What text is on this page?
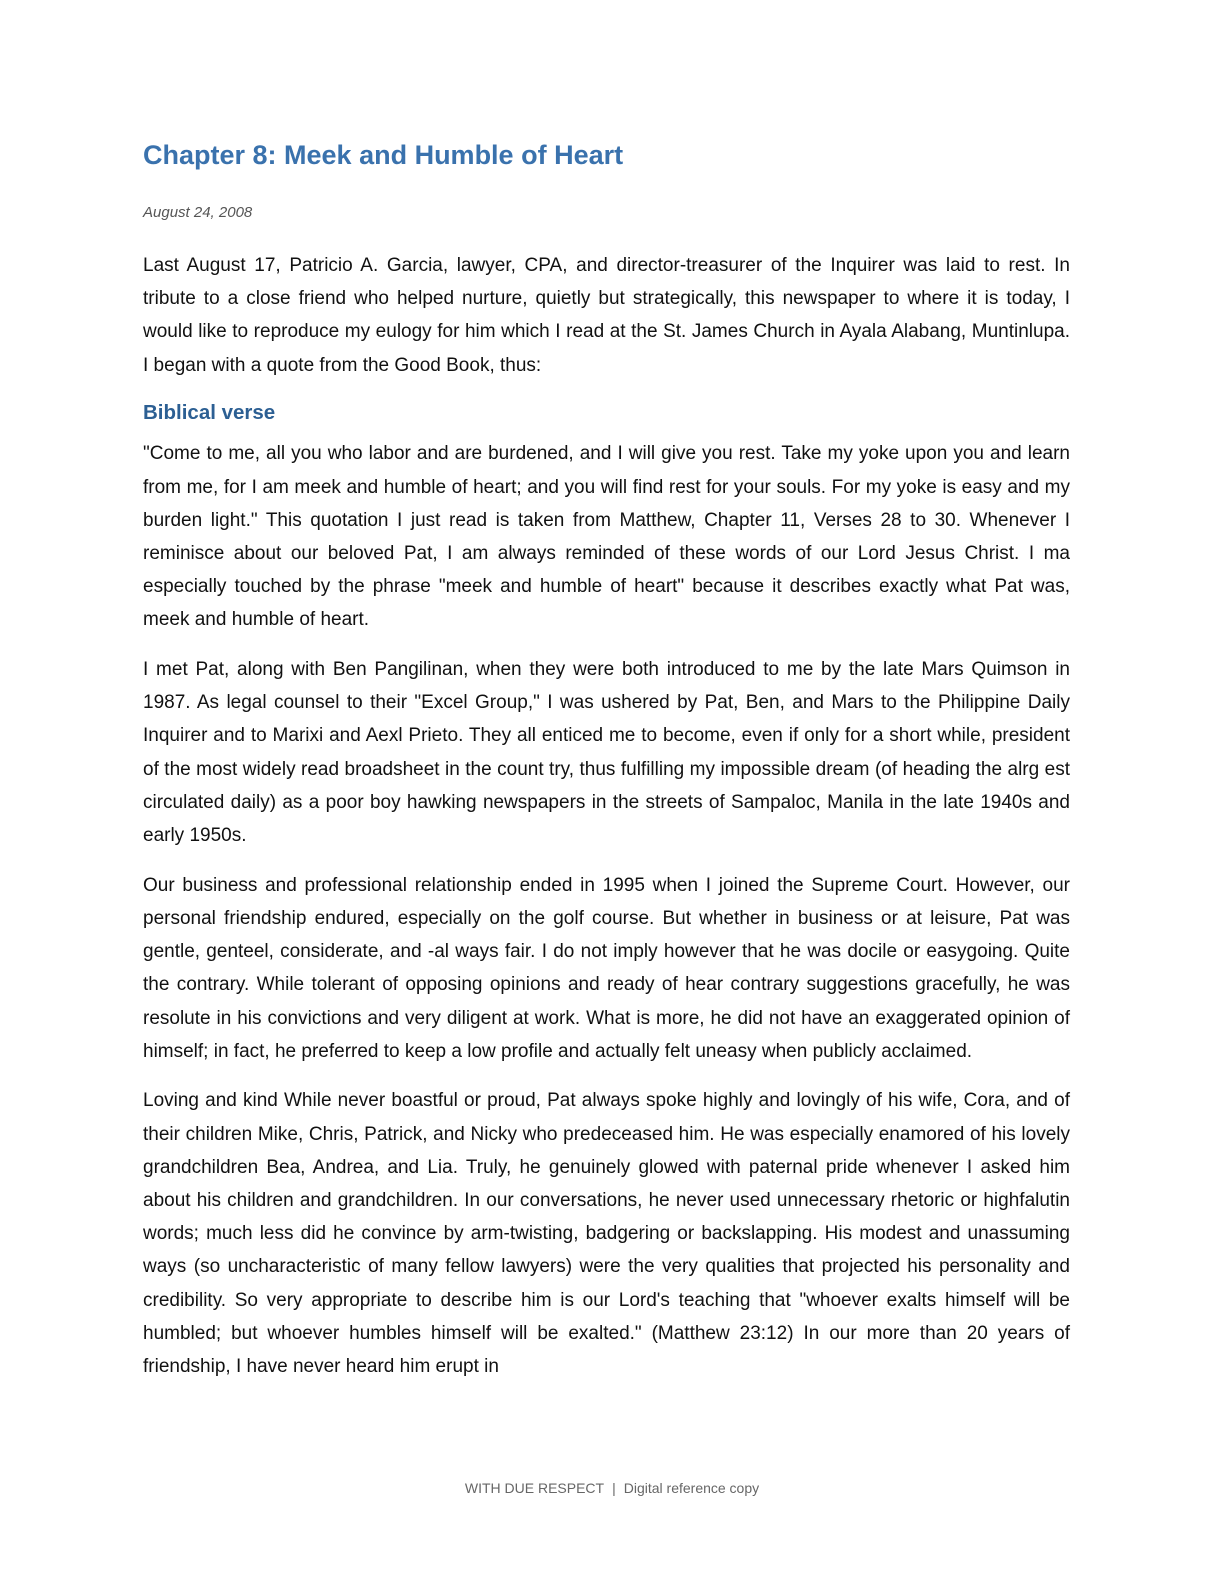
Chapter 8: Meek and Humble of Heart

August 24, 2008

Last August 17, Patricio A. Garcia, lawyer, CPA, and director-treasurer of the Inquirer was laid to rest. In tribute to a close friend who helped nurture, quietly but strategically, this newspaper to where it is today, I would like to reproduce my eulogy for him which I read at the St. James Church in Ayala Alabang, Muntinlupa. I began with a quote from the Good Book, thus:

Biblical verse

"Come to me, all you who labor and are burdened, and I will give you rest. Take my yoke upon you and learn from me, for I am meek and humble of heart; and you will find rest for your souls. For my yoke is easy and my burden light." This quotation I just read is taken from Matthew, Chapter 11, Verses 28 to 30. Whenever I reminisce about our beloved Pat, I am always reminded of these words of our Lord Jesus Christ. I ma especially touched by the phrase "meek and humble of heart" because it describes exactly what Pat was, meek and humble of heart.

I met Pat, along with Ben Pangilinan, when they were both introduced to me by the late Mars Quimson in 1987. As legal counsel to their "Excel Group," I was ushered by Pat, Ben, and Mars to the Philippine Daily Inquirer and to Marixi and Aexl Prieto. They all enticed me to become, even if only for a short while, president of the most widely read broadsheet in the count try, thus fulfilling my impossible dream (of heading the alrg est circulated daily) as a poor boy hawking newspapers in the streets of Sampaloc, Manila in the late 1940s and early 1950s.

Our business and professional relationship ended in 1995 when I joined the Supreme Court. However, our personal friendship endured, especially on the golf course. But whether in business or at leisure, Pat was gentle, genteel, considerate, and -al ways fair. I do not imply however that he was docile or easygoing. Quite the contrary. While tolerant of opposing opinions and ready of hear contrary suggestions gracefully, he was resolute in his convictions and very diligent at work. What is more, he did not have an exaggerated opinion of himself; in fact, he preferred to keep a low profile and actually felt uneasy when publicly acclaimed.

Loving and kind While never boastful or proud, Pat always spoke highly and lovingly of his wife, Cora, and of their children Mike, Chris, Patrick, and Nicky who predeceased him. He was especially enamored of his lovely grandchildren Bea, Andrea, and Lia. Truly, he genuinely glowed with paternal pride whenever I asked him about his children and grandchildren. In our conversations, he never used unnecessary rhetoric or highfalutin words; much less did he convince by arm-twisting, badgering or backslapping. His modest and unassuming ways (so uncharacteristic of many fellow lawyers) were the very qualities that projected his personality and credibility. So very appropriate to describe him is our Lord's teaching that "whoever exalts himself will be humbled; but whoever humbles himself will be exalted." (Matthew 23:12) In our more than 20 years of friendship, I have never heard him erupt in

WITH DUE RESPECT | Digital reference copy
